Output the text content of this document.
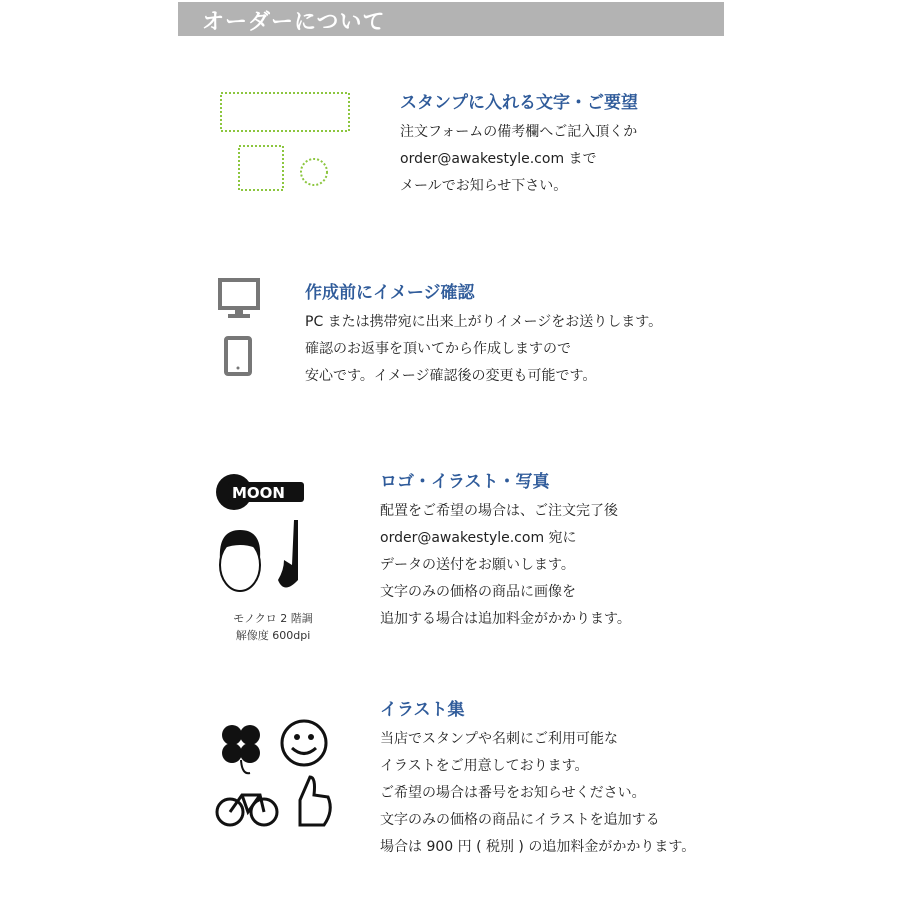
オーダーについて
スタンプに入れる文字・ご要望

注文フォームの備考欄へご記入頂くか

order@awakestyle.com まで

メールでお知らせ下さい。

作成前にイメージ確認

PC または携帯宛に出来上がりイメージをお送りします。

確認のお返事を頂いてから作成しますので

安心です。イメージ確認後の変更も可能です。

MOON
モノクロ 2 階調
解像度 600dpi
ロゴ・イラスト・写真

配置をご希望の場合は、ご注文完了後

order@awakestyle.com 宛に

データの送付をお願いします。

文字のみの価格の商品に画像を

追加する場合は追加料金がかかります。

イラスト集

当店でスタンプや名刺にご利用可能な

イラストをご用意しております。

ご希望の場合は番号をお知らせください。

文字のみの価格の商品にイラストを追加する

場合は 900 円 ( 税別 ) の追加料金がかかります。
